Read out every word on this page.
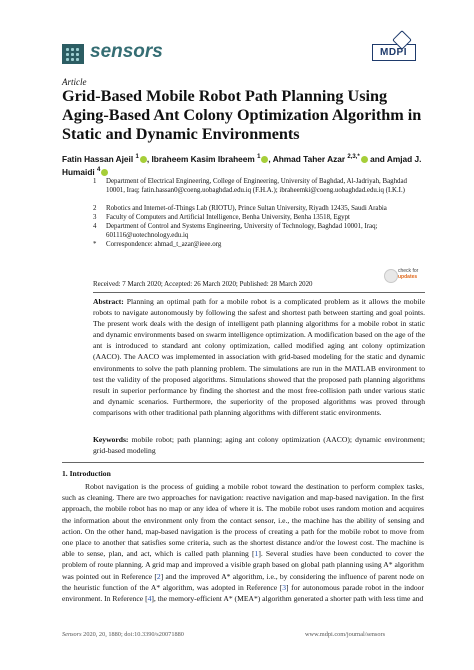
sensors	MDPI
Article
Grid-Based Mobile Robot Path Planning Using Aging-Based Ant Colony Optimization Algorithm in Static and Dynamic Environments
Fatin Hassan Ajeil $^1$ , Ibraheem Kasim Ibraheem $^1$ , Ahmad Taher Azar $^{2,3,*}$ and Amjad J. Humaidi $^4$
1 Department of Electrical Engineering, College of Engineering, University of Baghdad, Al-Jadriyah, Baghdad 10001, Iraq; fatin.hassan0@coeng.uobaghdad.edu.iq (F.H.A.); ibraheemki@coeng.uobaghdad.edu.iq (I.K.I.)
2 Robotics and Internet-of-Things Lab (RIOTU), Prince Sultan University, Riyadh 12435, Saudi Arabia
3 Faculty of Computers and Artificial Intelligence, Benha University, Benha 13518, Egypt
4 Department of Control and Systems Engineering, University of Technology, Baghdad 10001, Iraq; 601116@uotechnology.edu.iq
* Correspondence: ahmad_t_azar@ieee.org
check for
updates
Received: 7 March 2020; Accepted: 26 March 2020; Published: 28 March 2020
Abstract: Planning an optimal path for a mobile robot is a complicated problem as it allows the mobile robots to navigate autonomously by following the safest and shortest path between starting and goal points. The present work deals with the design of intelligent path planning algorithms for a mobile robot in static and dynamic environments based on swarm intelligence optimization. A modification based on the age of the ant is introduced to standard ant colony optimization, called modified aging ant colony optimization (AACO). The AACO was implemented in association with grid-based modeling for the static and dynamic environments to solve the path planning problem. The simulations are run in the MATLAB environment to test the validity of the proposed algorithms. Simulations showed that the proposed path planning algorithms result in superior performance by finding the shortest and the most free-collision path under various static and dynamic scenarios. Furthermore, the superiority of the proposed algorithms was proved through comparisons with other traditional path planning algorithms with different static environments.
Keywords: mobile robot; path planning; aging ant colony optimization (AACO); dynamic environment; grid-based modeling
1. Introduction
Robot navigation is the process of guiding a mobile robot toward the destination to perform complex tasks, such as cleaning. There are two approaches for navigation: reactive navigation and map-based navigation. In the first approach, the mobile robot has no map or any idea of where it is. The mobile robot uses random motion and acquires the information about the environment only from the contact sensor, i.e., the machine has the ability of sensing and action. On the other hand, map-based navigation is the process of creating a path for the mobile robot to move from one place to another that satisfies some criteria, such as the shortest distance and/or the lowest cost. The machine is able to sense, plan, and act, which is called path planning [1]. Several studies have been conducted to cover the problem of route planning. A grid map and improved a visible graph based on global path planning using A* algorithm was pointed out in Reference [2] and the improved A* algorithm, i.e., by considering the influence of parent node on the heuristic function of the A* algorithm, was adopted in Reference [3] for autonomous parade robot in the indoor environment. In Reference [4], the memory-efficient A* (MEA*) algorithm generated a shorter path with less time and
Sensors 2020, 20, 1880; doi:10.3390/s20071880	www.mdpi.com/journal/sensors
